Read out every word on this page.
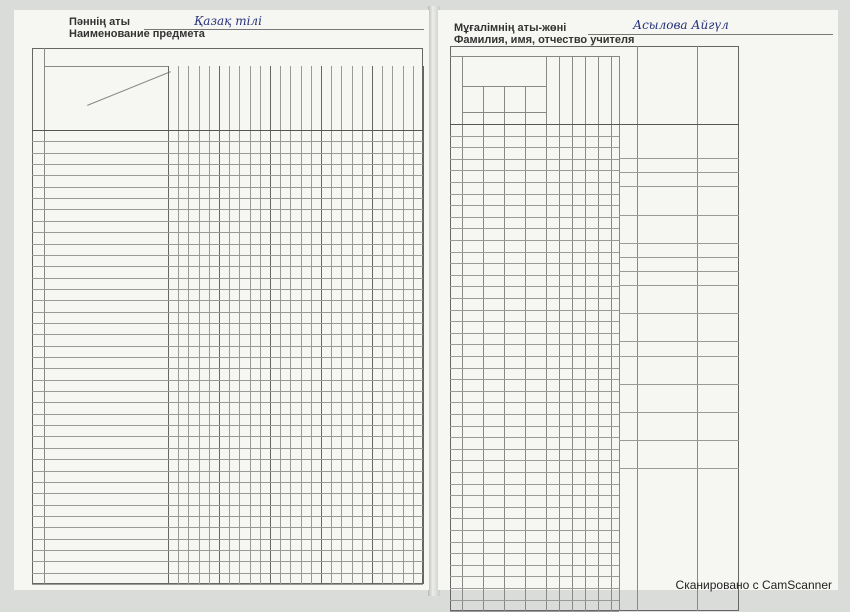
Пәннің аты
Наименование предмета
Қазақ тілі	Мұғалімнің аты-жөні
Фамилия, имя, отчество учителя
Асылова Айгүл
Сканировано с CamScanner
